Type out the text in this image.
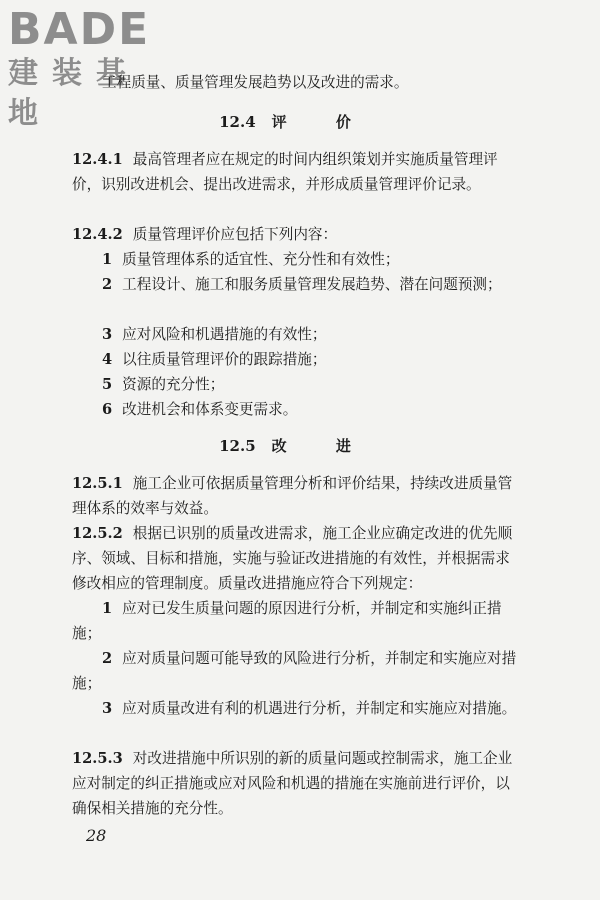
BADE
建装基地
工程质量、质量管理发展趋势以及改进的需求。
12.4 评 价
12.4.1 最高管理者应在规定的时间内组织策划并实施质量管理评价，识别改进机会、提出改进需求，并形成质量管理评价记录。
12.4.2 质量管理评价应包括下列内容：
1 质量管理体系的适宜性、充分性和有效性；
2 工程设计、施工和服务质量管理发展趋势、潜在问题预测；
3 应对风险和机遇措施的有效性；
4 以往质量管理评价的跟踪措施；
5 资源的充分性；
6 改进机会和体系变更需求。
12.5 改 进
12.5.1 施工企业可依据质量管理分析和评价结果，持续改进质量管理体系的效率与效益。
12.5.2 根据已识别的质量改进需求，施工企业应确定改进的优先顺序、领域、目标和措施，实施与验证改进措施的有效性，并根据需求修改相应的管理制度。质量改进措施应符合下列规定：
1 应对已发生质量问题的原因进行分析，并制定和实施纠正措施；
2 应对质量问题可能导致的风险进行分析，并制定和实施应对措施；
3 应对质量改进有利的机遇进行分析，并制定和实施应对措施。
12.5.3 对改进措施中所识别的新的质量问题或控制需求，施工企业应对制定的纠正措施或应对风险和机遇的措施在实施前进行评价，以确保相关措施的充分性。
28
